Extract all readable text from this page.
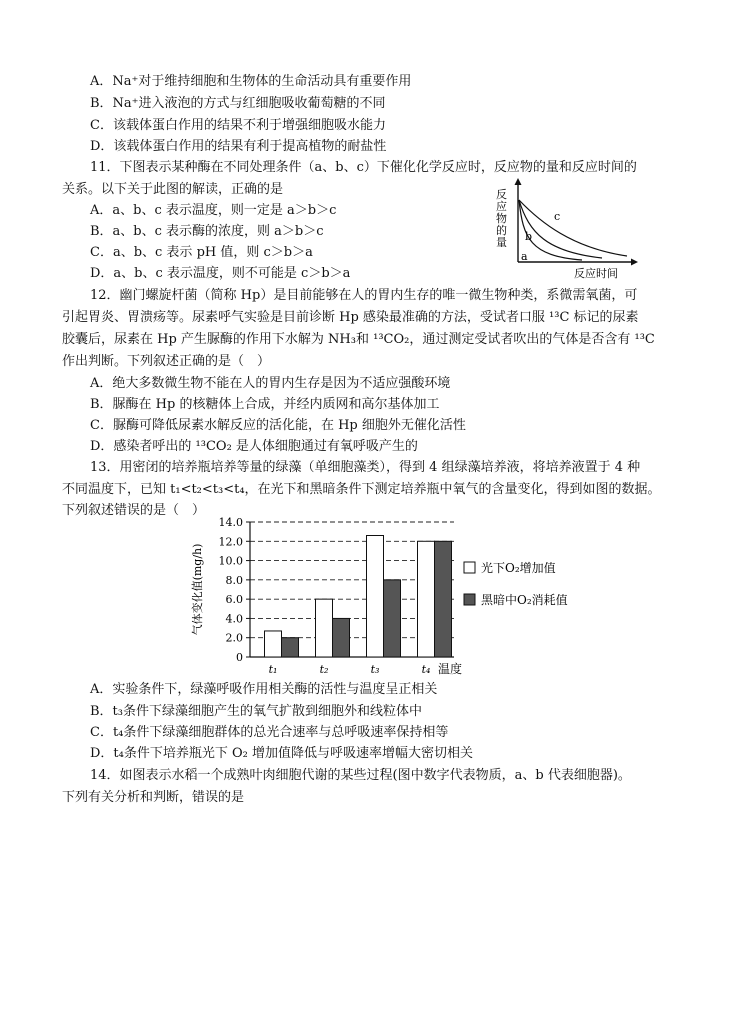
A．Na⁺对于维持细胞和生物体的生命活动具有重要作用
B．Na⁺进入液泡的方式与红细胞吸收葡萄糖的不同
C．该载体蛋白作用的结果不利于增强细胞吸水能力
D．该载体蛋白作用的结果有利于提高植物的耐盐性
11．下图表示某种酶在不同处理条件（a、b、c）下催化化学反应时，反应物的量和反应时间的
关系。以下关于此图的解读，正确的是
A．a、b、c 表示温度，则一定是 a＞b＞c
B．a、b、c 表示酶的浓度，则 a＞b＞c
C．a、b、c 表示 pH 值，则 c＞b＞a
D．a、b、c 表示温度，则不可能是 c＞b＞a
反应物的量
反应时间
a
b
c
12．幽门螺旋杆菌（简称 Hp）是目前能够在人的胃内生存的唯一微生物种类，系微需氧菌，可
引起胃炎、胃溃疡等。尿素呼气实验是目前诊断 Hp 感染最准确的方法，受试者口服 ¹³C 标记的尿素
胶囊后，尿素在 Hp 产生脲酶的作用下水解为 NH₃和 ¹³CO₂，通过测定受试者吹出的气体是否含有 ¹³C
作出判断。下列叙述正确的是（　）
A．绝大多数微生物不能在人的胃内生存是因为不适应强酸环境
B．脲酶在 Hp 的核糖体上合成，并经内质网和高尔基体加工
C．脲酶可降低尿素水解反应的活化能，在 Hp 细胞外无催化活性
D．感染者呼出的 ¹³CO₂ 是人体细胞通过有氧呼吸产生的
13．用密闭的培养瓶培养等量的绿藻（单细胞藻类），得到 4 组绿藻培养液，将培养液置于 4 种
不同温度下，已知 t₁<t₂<t₃<t₄，在光下和黑暗条件下测定培养瓶中氧气的含量变化，得到如图的数据。
下列叙述错误的是（　）
0
2.0
4.0
6.0
8.0
10.0
12.0
14.0
气体变化值(mg/h)
t₁	t₂	t₃	t₄ 温度
光下O₂增加值
黑暗中O₂消耗值
A．实验条件下，绿藻呼吸作用相关酶的活性与温度呈正相关
B．t₃条件下绿藻细胞产生的氧气扩散到细胞外和线粒体中
C．t₄条件下绿藻细胞群体的总光合速率与总呼吸速率保持相等
D．t₄条件下培养瓶光下 O₂ 增加值降低与呼吸速率增幅大密切相关
14．如图表示水稻一个成熟叶肉细胞代谢的某些过程(图中数字代表物质，a、b 代表细胞器)。
下列有关分析和判断，错误的是
